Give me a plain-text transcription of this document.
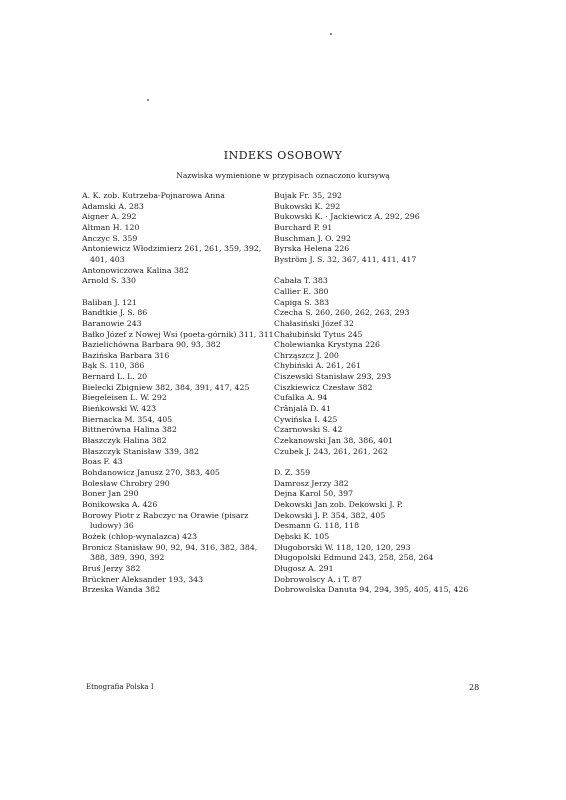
INDEKS OSOBOWY
Nazwiska wymienione w przypisach oznaczono kursywą
A. K. zob. Kutrzeba-Pojnarowa Anna
Adamski A. 283
Aigner A. 292
Altman H. 120
Anczyc S. 359
Antoniewicz Włodzimierz 261, 261, 359, 392, 401, 403
Antonowiczowa Kalina 382
Arnold S. 330
Baliban J. 121
Bandtkie J. S. 86
Baranowie 243
Bałko Józef z Nowej Wsi (poeta-górnik) 311, 311
Bazielichówna Barbara 90, 93, 382
Bazińska Barbara 316
Bąk S. 110, 386
Bernard L. L. 20
Bielecki Zbigniew 382, 384, 391, 417, 425
Biegeleisen L. W. 292
Bieńkowski W. 423
Biernacka M. 354, 405
Bittnerówna Halina 382
Błaszczyk Halina 382
Błaszczyk Stanisław 339, 382
Boas F. 43
Bohdanowicz Janusz 270, 383, 405
Bolesław Chrobry 290
Boner Jan 290
Bonikowska A. 426
Borowy Piotr z Rabczyc na Orawie (pisarz ludowy) 36
Bożek (chłop-wynalazca) 423
Bronicz Stanisław 90, 92, 94, 316, 382, 384, 388, 389, 390, 392
Bruś Jerzy 382
Brückner Aleksander 193, 343
Brzeska Wanda 382
Bujak Fr. 35, 292
Bukowski K. 292
Bukowski K. · Jackiewicz A. 292, 296
Burchard P. 91
Buschman J. O. 292
Byrska Helena 226
Byström J. S. 32, 367, 411, 411, 417
Cabała T. 383
Callier E. 380
Capiga S. 383
Czecha S. 260, 260, 262, 263, 293
Chałasiński Józef 32
Chałubiński Tytus 245
Cholewianka Krystyna 226
Chrząszcz J. 200
Chybiński A. 261, 261
Ciszewski Stanisław 293, 293
Ciszkiewicz Czesław 382
Cufalka A. 94
Crânjală D. 41
Cywińska I. 425
Czarnowski S. 42
Czekanowski Jan 38, 386, 401
Czubek J. 243, 261, 261, 262
D. Z. 359
Damrosz Jerzy 382
Dejna Karol 50, 397
Dekowski Jan zob. Dekowski J. P.
Dekowski J. P. 354, 382, 405
Desmann G. 118, 118
Dębski K. 105
Długoborski W. 118, 120, 120, 293
Długopolski Edmund 243, 258, 258, 264
Długosz A. 291
Dobrowolscy A. i T. 87
Dobrowolska Danuta 94, 294, 395, 405, 415, 426
Etnografia Polska I	28
